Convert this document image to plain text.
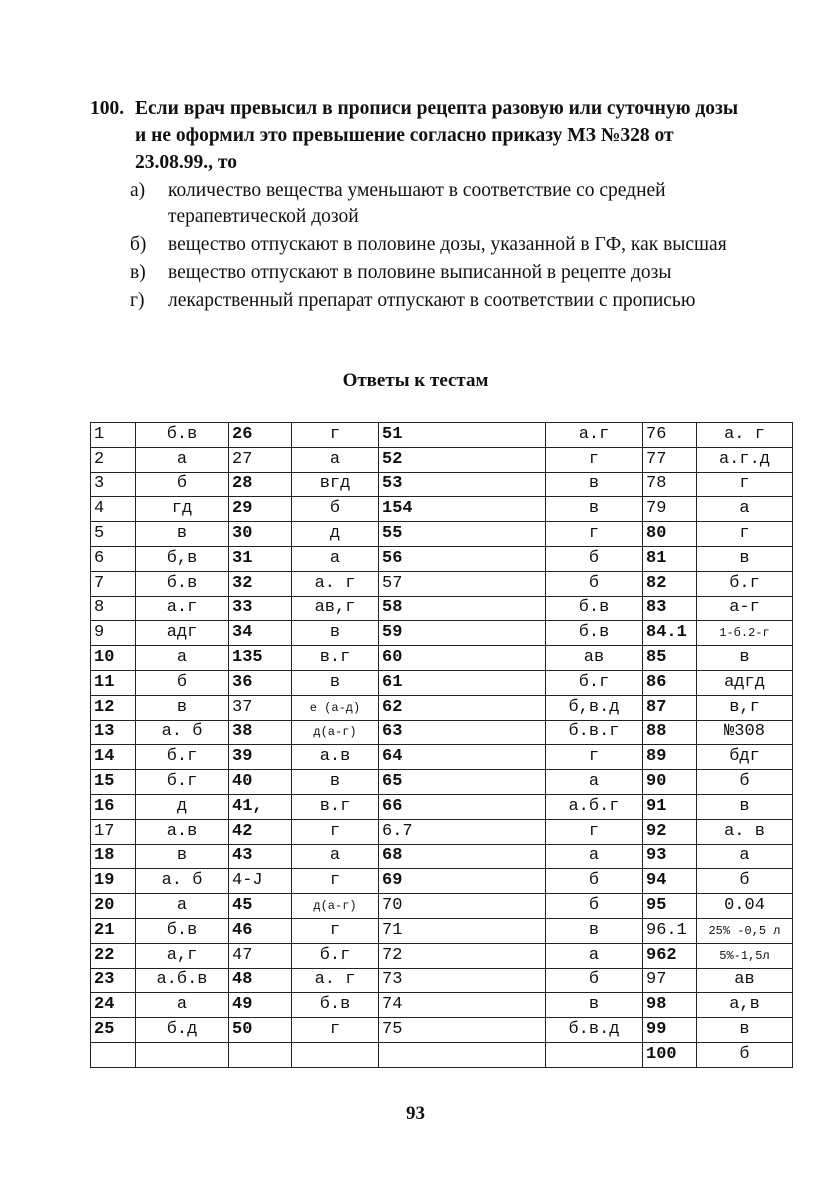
100. Если врач превысил в прописи рецепта разовую или суточную дозы и не оформил это превышение согласно приказу МЗ №328 от 23.08.99., то
а) количество вещества уменьшают в соответствие со средней терапевтической дозой
б) вещество отпускают в половине дозы, указанной в ГФ, как высшая
в) вещество отпускают в половине выписанной в рецепте дозы
г) лекарственный препарат отпускают в соответствии с прописью
Ответы к тестам
1	б.в	26	г	51	а.г	76	а. г
2	а	27	а	52	г	77	а.г.д
3	б	28	вгд	53	в	78	г
4	гд	29	б	154	в	79	а
5	в	30	д	55	г	80	г
6	б,в	31	а	56	б	81	в
7	б.в	32	а. г	57	б	82	б.г
8	а.г	33	ав,г	58	б.в	83	а-г
9	адг	34	в	59	б.в	84.1	1-б.2-г
10	а	135	в.г	60	ав	85	в
11	б	36	в	61	б.г	86	адгд
12	в	37	е (а-д)	62	б,в.д	87	в,г
13	а. б	38	д(а-г)	63	б.в.г	88	№308
14	б.г	39	а.в	64	г	89	бдг
15	б.г	40	в	65	а	90	б
16	д	41,	в.г	66	а.б.г	91	в
17	а.в	42	г	6.7	г	92	а. в
18	в	43	а	68	а	93	а
19	а. б	4-J	г	69	б	94	б
20	а	45	д(а-г)	70	б	95	0.04
21	б.в	46	г	71	в	96.1	25% -0,5 л
22	а,г	47	б.г	72	а	962	5%-1,5л
23	а.б.в	48	а. г	73	б	97	ав
24	а	49	б.в	74	в	98	а,в
25	б.д	50	г	75	б.в.д	99	в
						100	б
93
